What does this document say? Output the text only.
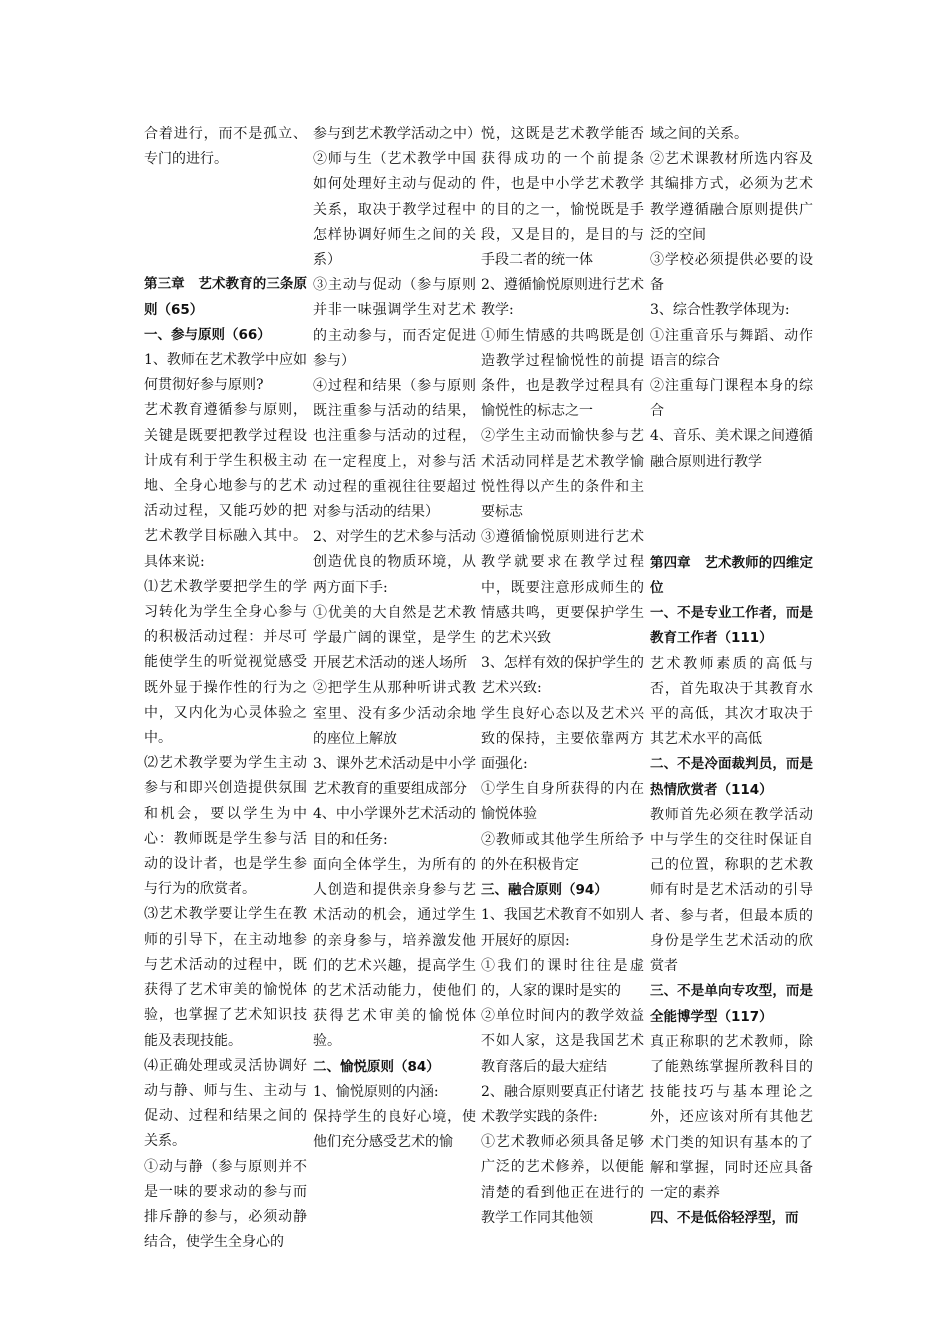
合着进行，而不是孤立、专门的进行。

第三章　艺术教育的三条原则（65）

一、参与原则（66）

1、教师在艺术教学中应如何贯彻好参与原则?

艺术教育遵循参与原则，关键是既要把教学过程设计成有利于学生积极主动地、全身心地参与的艺术活动过程，又能巧妙的把艺术教学目标融入其中。具体来说:

⑴艺术教学要把学生的学习转化为学生全身心参与的积极活动过程：并尽可能使学生的听觉视觉感受既外显于操作性的行为之中，又内化为心灵体验之中。

⑵艺术教学要为学生主动参与和即兴创造提供氛围和机会，要以学生为中心：教师既是学生参与活动的设计者，也是学生参与行为的欣赏者。

⑶艺术教学要让学生在教师的引导下，在主动地参与艺术活动的过程中，既获得了艺术审美的愉悦体验，也掌握了艺术知识技能及表现技能。

⑷正确处理或灵活协调好动与静、师与生、主动与促动、过程和结果之间的关系。

①动与静（参与原则并不是一味的要求动的参与而排斥静的参与，必须动静结合，使学生全身心的

参与到艺术教学活动之中）

②师与生（艺术教学中国如何处理好主动与促动的关系，取决于教学过程中怎样协调好师生之间的关系）

③主动与促动（参与原则并非一味强调学生对艺术的主动参与，而否定促进参与）

④过程和结果（参与原则既注重参与活动的结果，也注重参与活动的过程，在一定程度上，对参与活动过程的重视往往要超过对参与活动的结果）

2、对学生的艺术参与活动创造优良的物质环境，从两方面下手:

①优美的大自然是艺术教学最广阔的课堂，是学生开展艺术活动的迷人场所

②把学生从那种听讲式教室里、没有多少活动余地的座位上解放

3、课外艺术活动是中小学艺术教育的重要组成部分

4、中小学课外艺术活动的目的和任务:

面向全体学生，为所有的人创造和提供亲身参与艺术活动的机会，通过学生的亲身参与，培养激发他们的艺术兴趣，提高学生的艺术活动能力，使他们获得艺术审美的愉悦体验。

二、愉悦原则（84）

1、愉悦原则的内涵:

保持学生的良好心境，使他们充分感受艺术的愉

悦，这既是艺术教学能否获得成功的一个前提条件，也是中小学艺术教学的目的之一，愉悦既是手段，又是目的，是目的与手段二者的统一体

2、遵循愉悦原则进行艺术教学:

①师生情感的共鸣既是创造教学过程愉悦性的前提条件，也是教学过程具有愉悦性的标志之一

②学生主动而愉快参与艺术活动同样是艺术教学愉悦性得以产生的条件和主要标志

③遵循愉悦原则进行艺术教学就要求在教学过程中，既要注意形成师生的情感共鸣，更要保护学生的艺术兴致

3、怎样有效的保护学生的艺术兴致:

学生良好心态以及艺术兴致的保持，主要依靠两方面强化:

①学生自身所获得的内在愉悦体验

②教师或其他学生所给予的外在积极肯定

三、融合原则（94）

1、我国艺术教育不如别人开展好的原因:

①我们的课时往往是虚的，人家的课时是实的

②单位时间内的教学效益不如人家，这是我国艺术教育落后的最大症结

2、融合原则要真正付诸艺术教学实践的条件:

①艺术教师必须具备足够广泛的艺术修养，以便能清楚的看到他正在进行的教学工作同其他领

域之间的关系。

②艺术课教材所选内容及其编排方式，必须为艺术教学遵循融合原则提供广泛的空间

③学校必须提供必要的设备

3、综合性教学体现为:

①注重音乐与舞蹈、动作语言的综合

②注重每门课程本身的综合

4、音乐、美术课之间遵循融合原则进行教学

第四章　艺术教师的四维定位

一、不是专业工作者，而是教育工作者（111）

艺术教师素质的高低与否，首先取决于其教育水平的高低，其次才取决于其艺术水平的高低

二、不是冷面裁判员，而是热情欣赏者（114）

教师首先必须在教学活动中与学生的交往时保证自己的位置，称职的艺术教师有时是艺术活动的引导者、参与者，但最本质的身份是学生艺术活动的欣赏者

三、不是单向专攻型，而是全能博学型（117）

真正称职的艺术教师，除了能熟练掌握所教科目的技能技巧与基本理论之外，还应该对所有其他艺术门类的知识有基本的了解和掌握，同时还应具备一定的素养

四、不是低俗轻浮型，而
